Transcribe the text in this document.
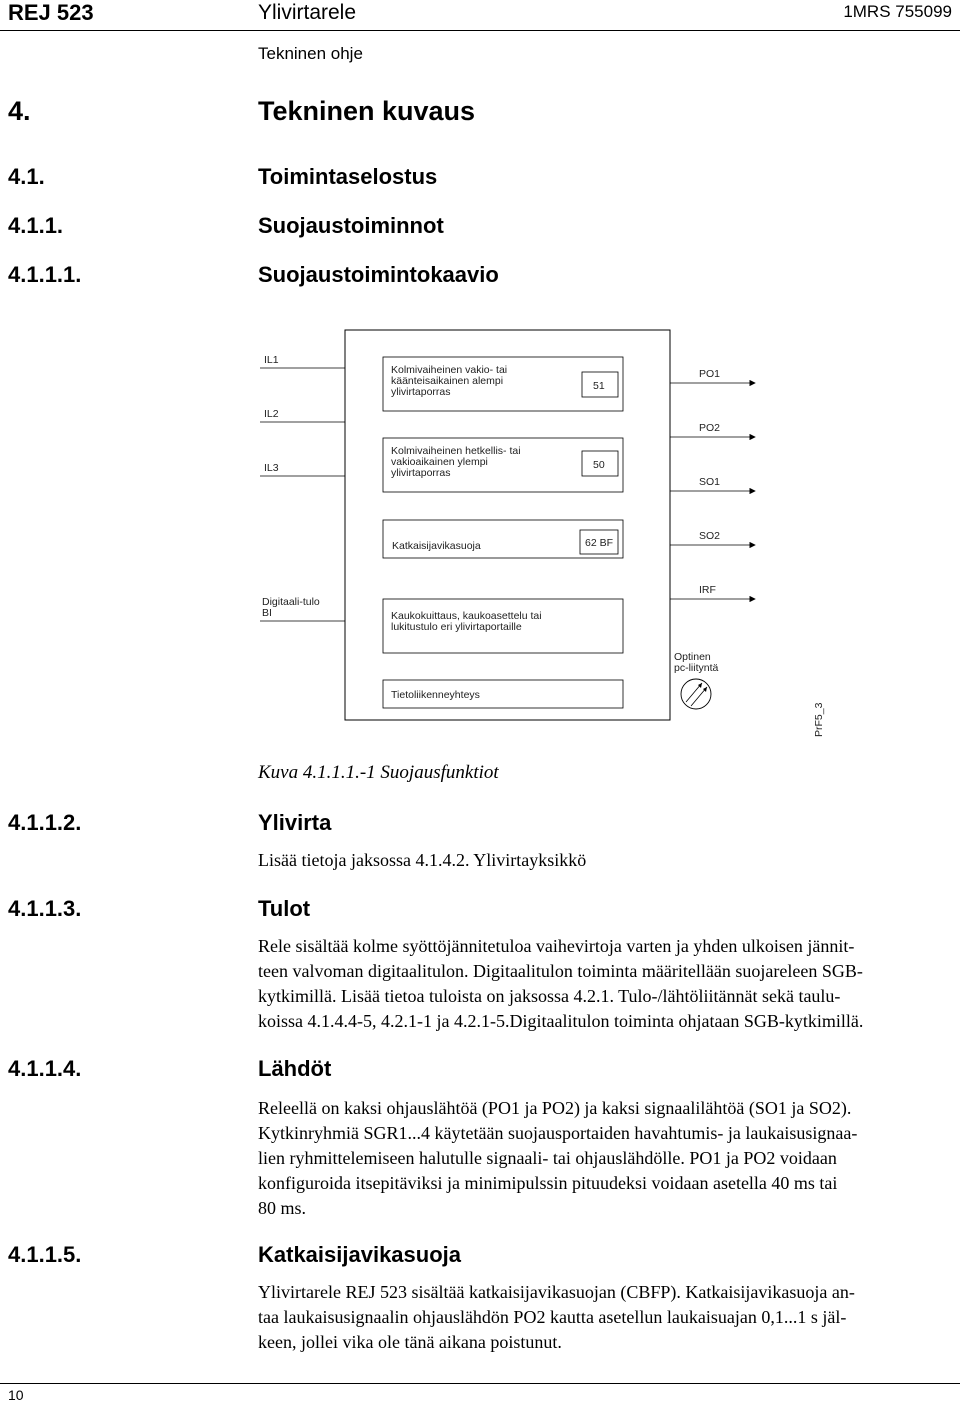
REJ 523	Ylivirtarele	1MRS 755099
Tekninen ohje
4.	Tekninen kuvaus
4.1.	Toimintaselostus
4.1.1.	Suojaustoiminnot
4.1.1.1.	Suojaustoimintokaavio
IL1
IL2
IL3
Digitaali-tulo
BI
Kolmivaiheinen vakio- tai
käänteisaikainen alempi
ylivirtaporras	51
Kolmivaiheinen hetkellis- tai
vakioaikainen ylempi
ylivirtaporras
50
Katkaisijavikasuoja	62 BF
Kaukokuittaus, kaukoasettelu tai
lukitustulo eri ylivirtaportaille
Tietoliikenneyhteys
PO1
PO2
SO1
SO2
IRF
Optinen
pc-liityntä
PrF5_3
Kuva 4.1.1.1.-1 Suojausfunktiot
4.1.1.2.	Ylivirta
Lisää tietoja jaksossa 4.1.4.2. Ylivirtayksikkö
4.1.1.3.	Tulot
Rele sisältää kolme syöttöjännitetuloa vaihevirtoja varten ja yhden ulkoisen jännit-
teen valvoman digitaalitulon. Digitaalitulon toiminta määritellään suojareleen SGB-
kytkimillä. Lisää tietoa tuloista on jaksossa 4.2.1. Tulo-/lähtöliitännät sekä taulu-
koissa 4.1.4.4-5, 4.2.1-1 ja 4.2.1-5.Digitaalitulon toiminta ohjataan SGB-kytkimillä.
4.1.1.4.	Lähdöt
Releellä on kaksi ohjauslähtöä (PO1 ja PO2) ja kaksi signaalilähtöä (SO1 ja SO2).
Kytkinryhmiä SGR1...4 käytetään suojausportaiden havahtumis- ja laukaisusignaa-
lien ryhmittelemiseen halutulle signaali- tai ohjauslähdölle. PO1 ja PO2 voidaan
konfiguroida itsepitäviksi ja minimipulssin pituudeksi voidaan asetella 40 ms tai
80 ms.
4.1.1.5.	Katkaisijavikasuoja
Ylivirtarele REJ 523 sisältää katkaisijavikasuojan (CBFP). Katkaisijavikasuoja an-
taa laukaisusignaalin ohjauslähdön PO2 kautta asetellun laukaisuajan 0,1...1 s jäl-
keen, jollei vika ole tänä aikana poistunut.
10
